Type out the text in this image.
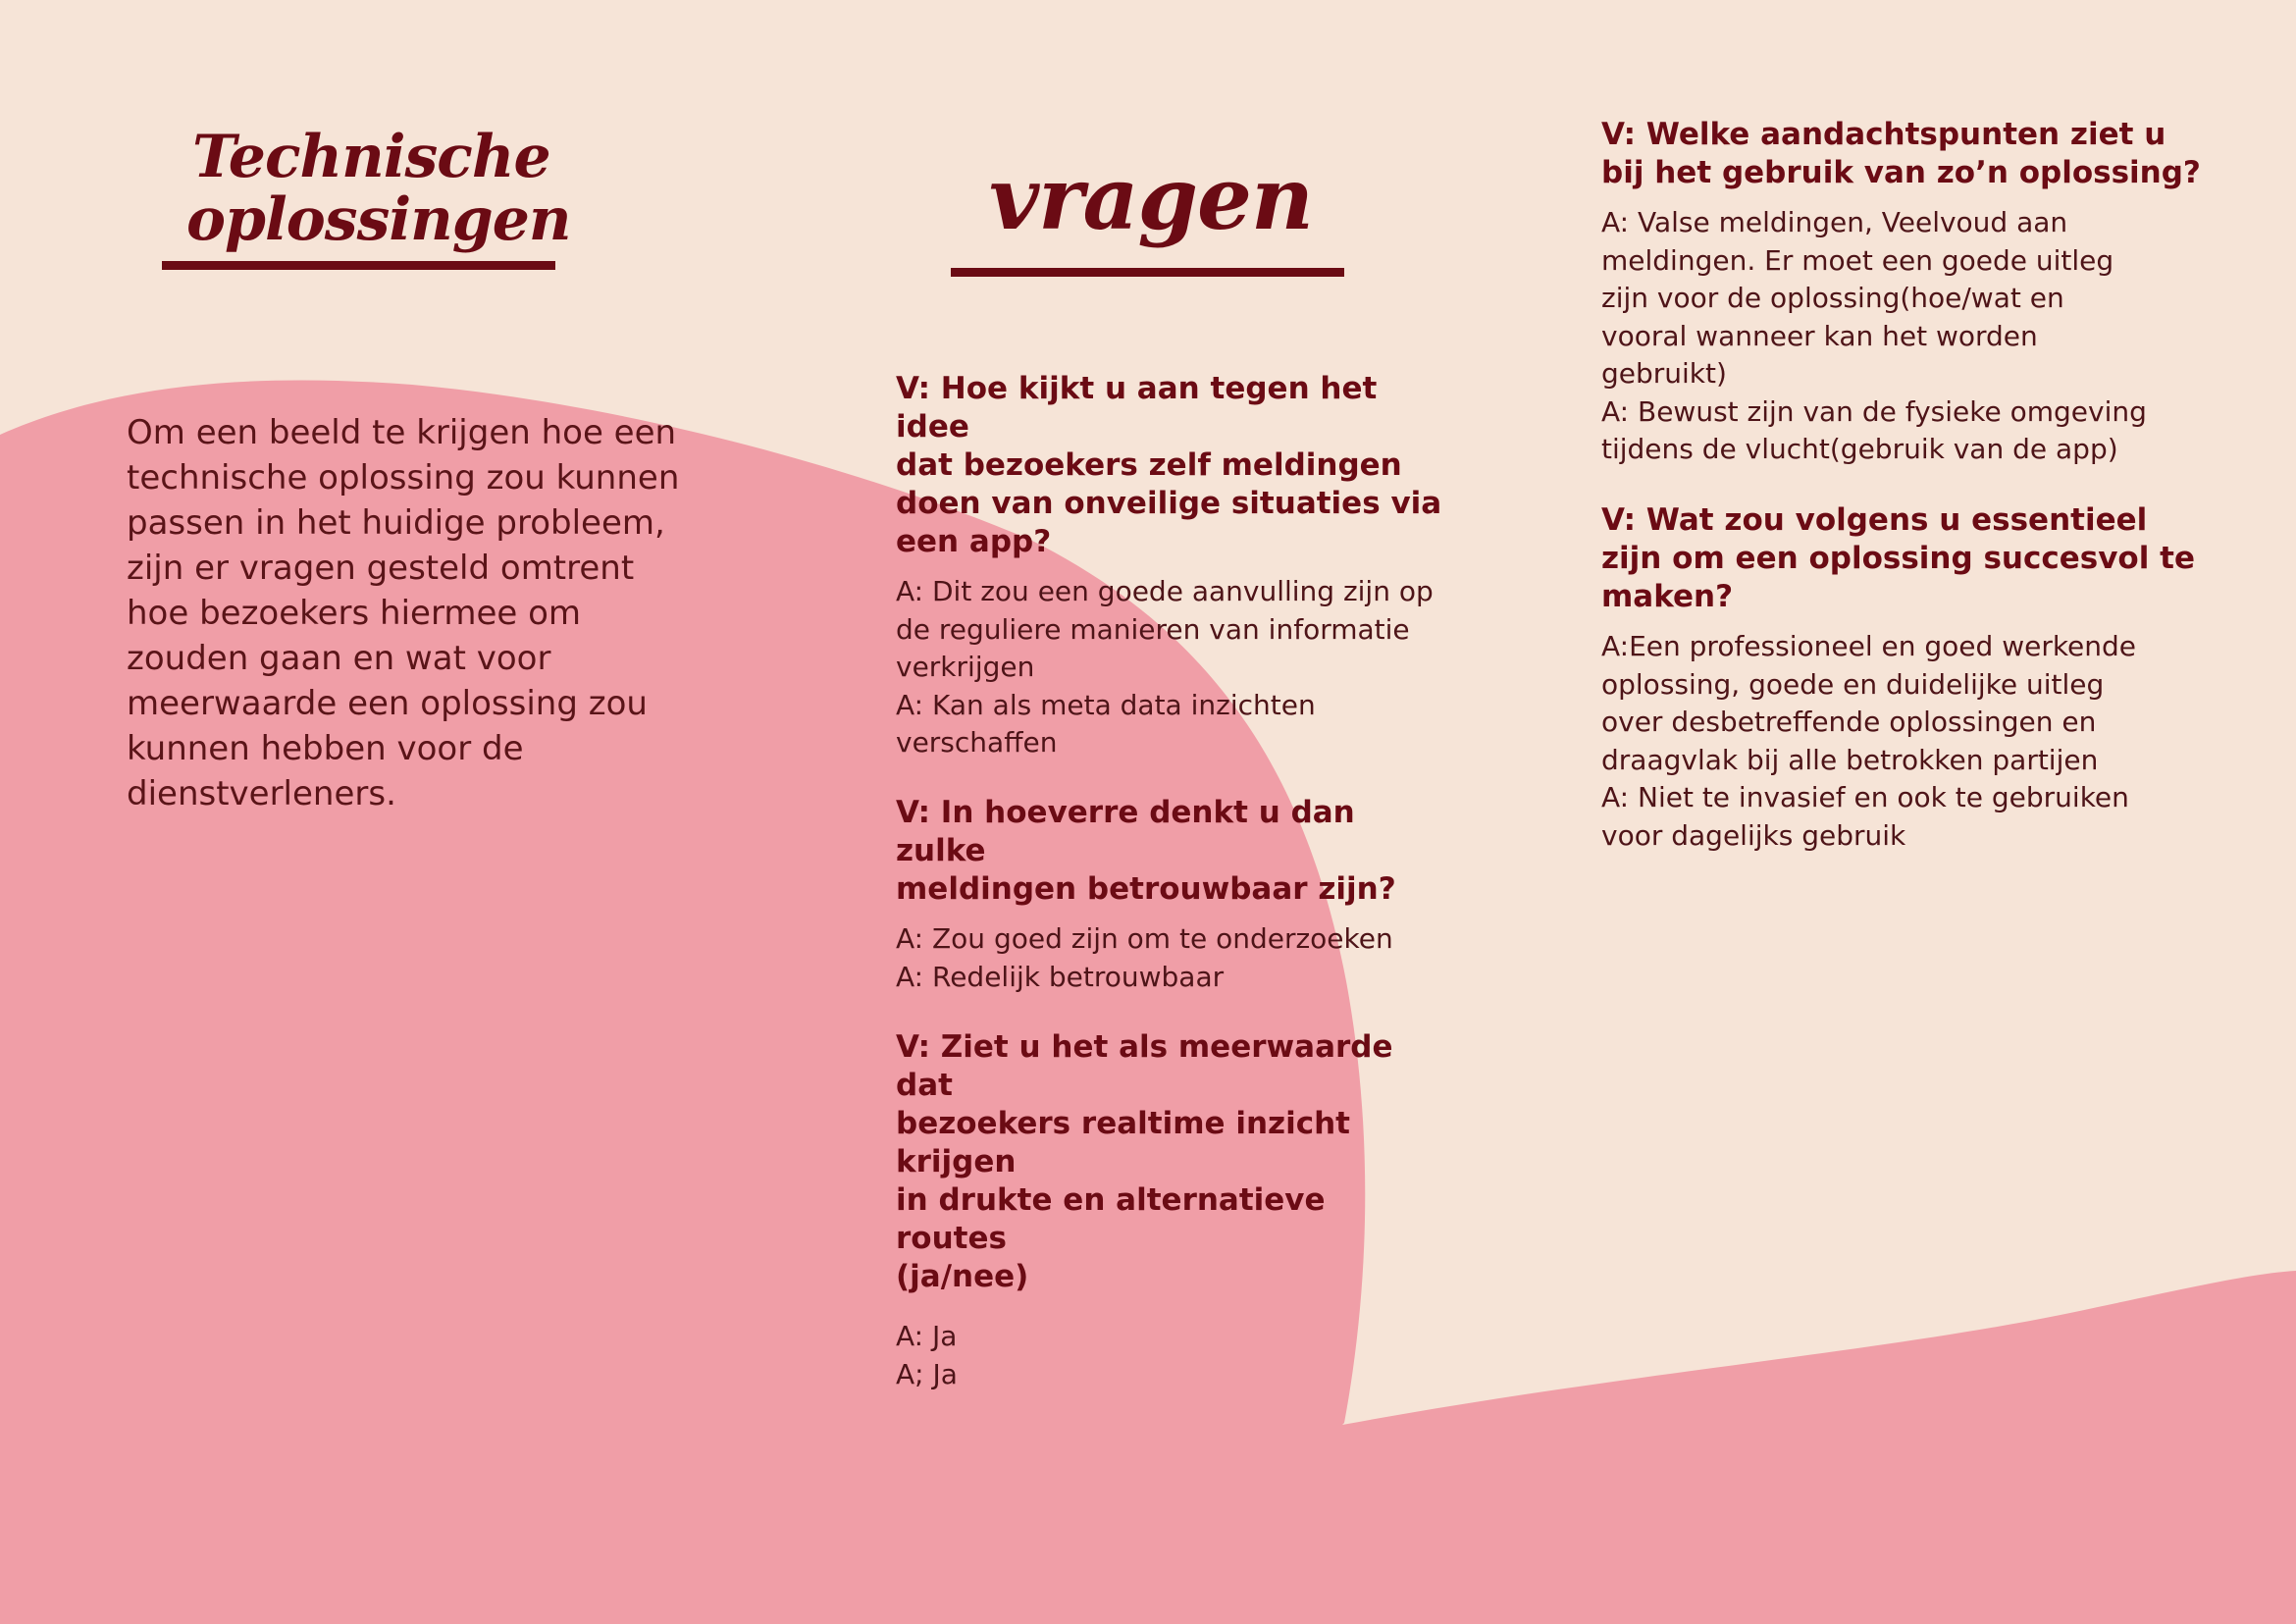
Technische
oplossingen
Om een beeld te krijgen hoe een
technische oplossing zou kunnen
passen in het huidige probleem,
zijn er vragen gesteld omtrent
hoe bezoekers hiermee om
zouden gaan en wat voor
meerwaarde een oplossing zou
kunnen hebben voor de
dienstverleners.
vragen
V: Hoe kijkt u aan tegen het idee
dat bezoekers zelf meldingen
doen van onveilige situaties via
een app?
A: Dit zou een goede aanvulling zijn op
de reguliere manieren van informatie
verkrijgen
A: Kan als meta data inzichten
verschaffen
V: In hoeverre denkt u dan zulke
meldingen betrouwbaar zijn?
A: Zou goed zijn om te onderzoeken
A: Redelijk betrouwbaar
V: Ziet u het als meerwaarde dat
bezoekers realtime inzicht krijgen
in drukte en alternatieve routes
(ja/nee)
A: Ja
A; Ja
V: Welke aandachtspunten ziet u
bij het gebruik van zo’n oplossing?
A: Valse meldingen, Veelvoud aan
meldingen. Er moet een goede uitleg
zijn voor de oplossing(hoe/wat en
vooral wanneer kan het worden
gebruikt)
A: Bewust zijn van de fysieke omgeving
tijdens de vlucht(gebruik van de app)
V: Wat zou volgens u essentieel
zijn om een oplossing succesvol te
maken?
A:Een professioneel en goed werkende
oplossing, goede en duidelijke uitleg
over desbetreffende oplossingen en
draagvlak bij alle betrokken partijen
A: Niet te invasief en ook te gebruiken
voor dagelijks gebruik
